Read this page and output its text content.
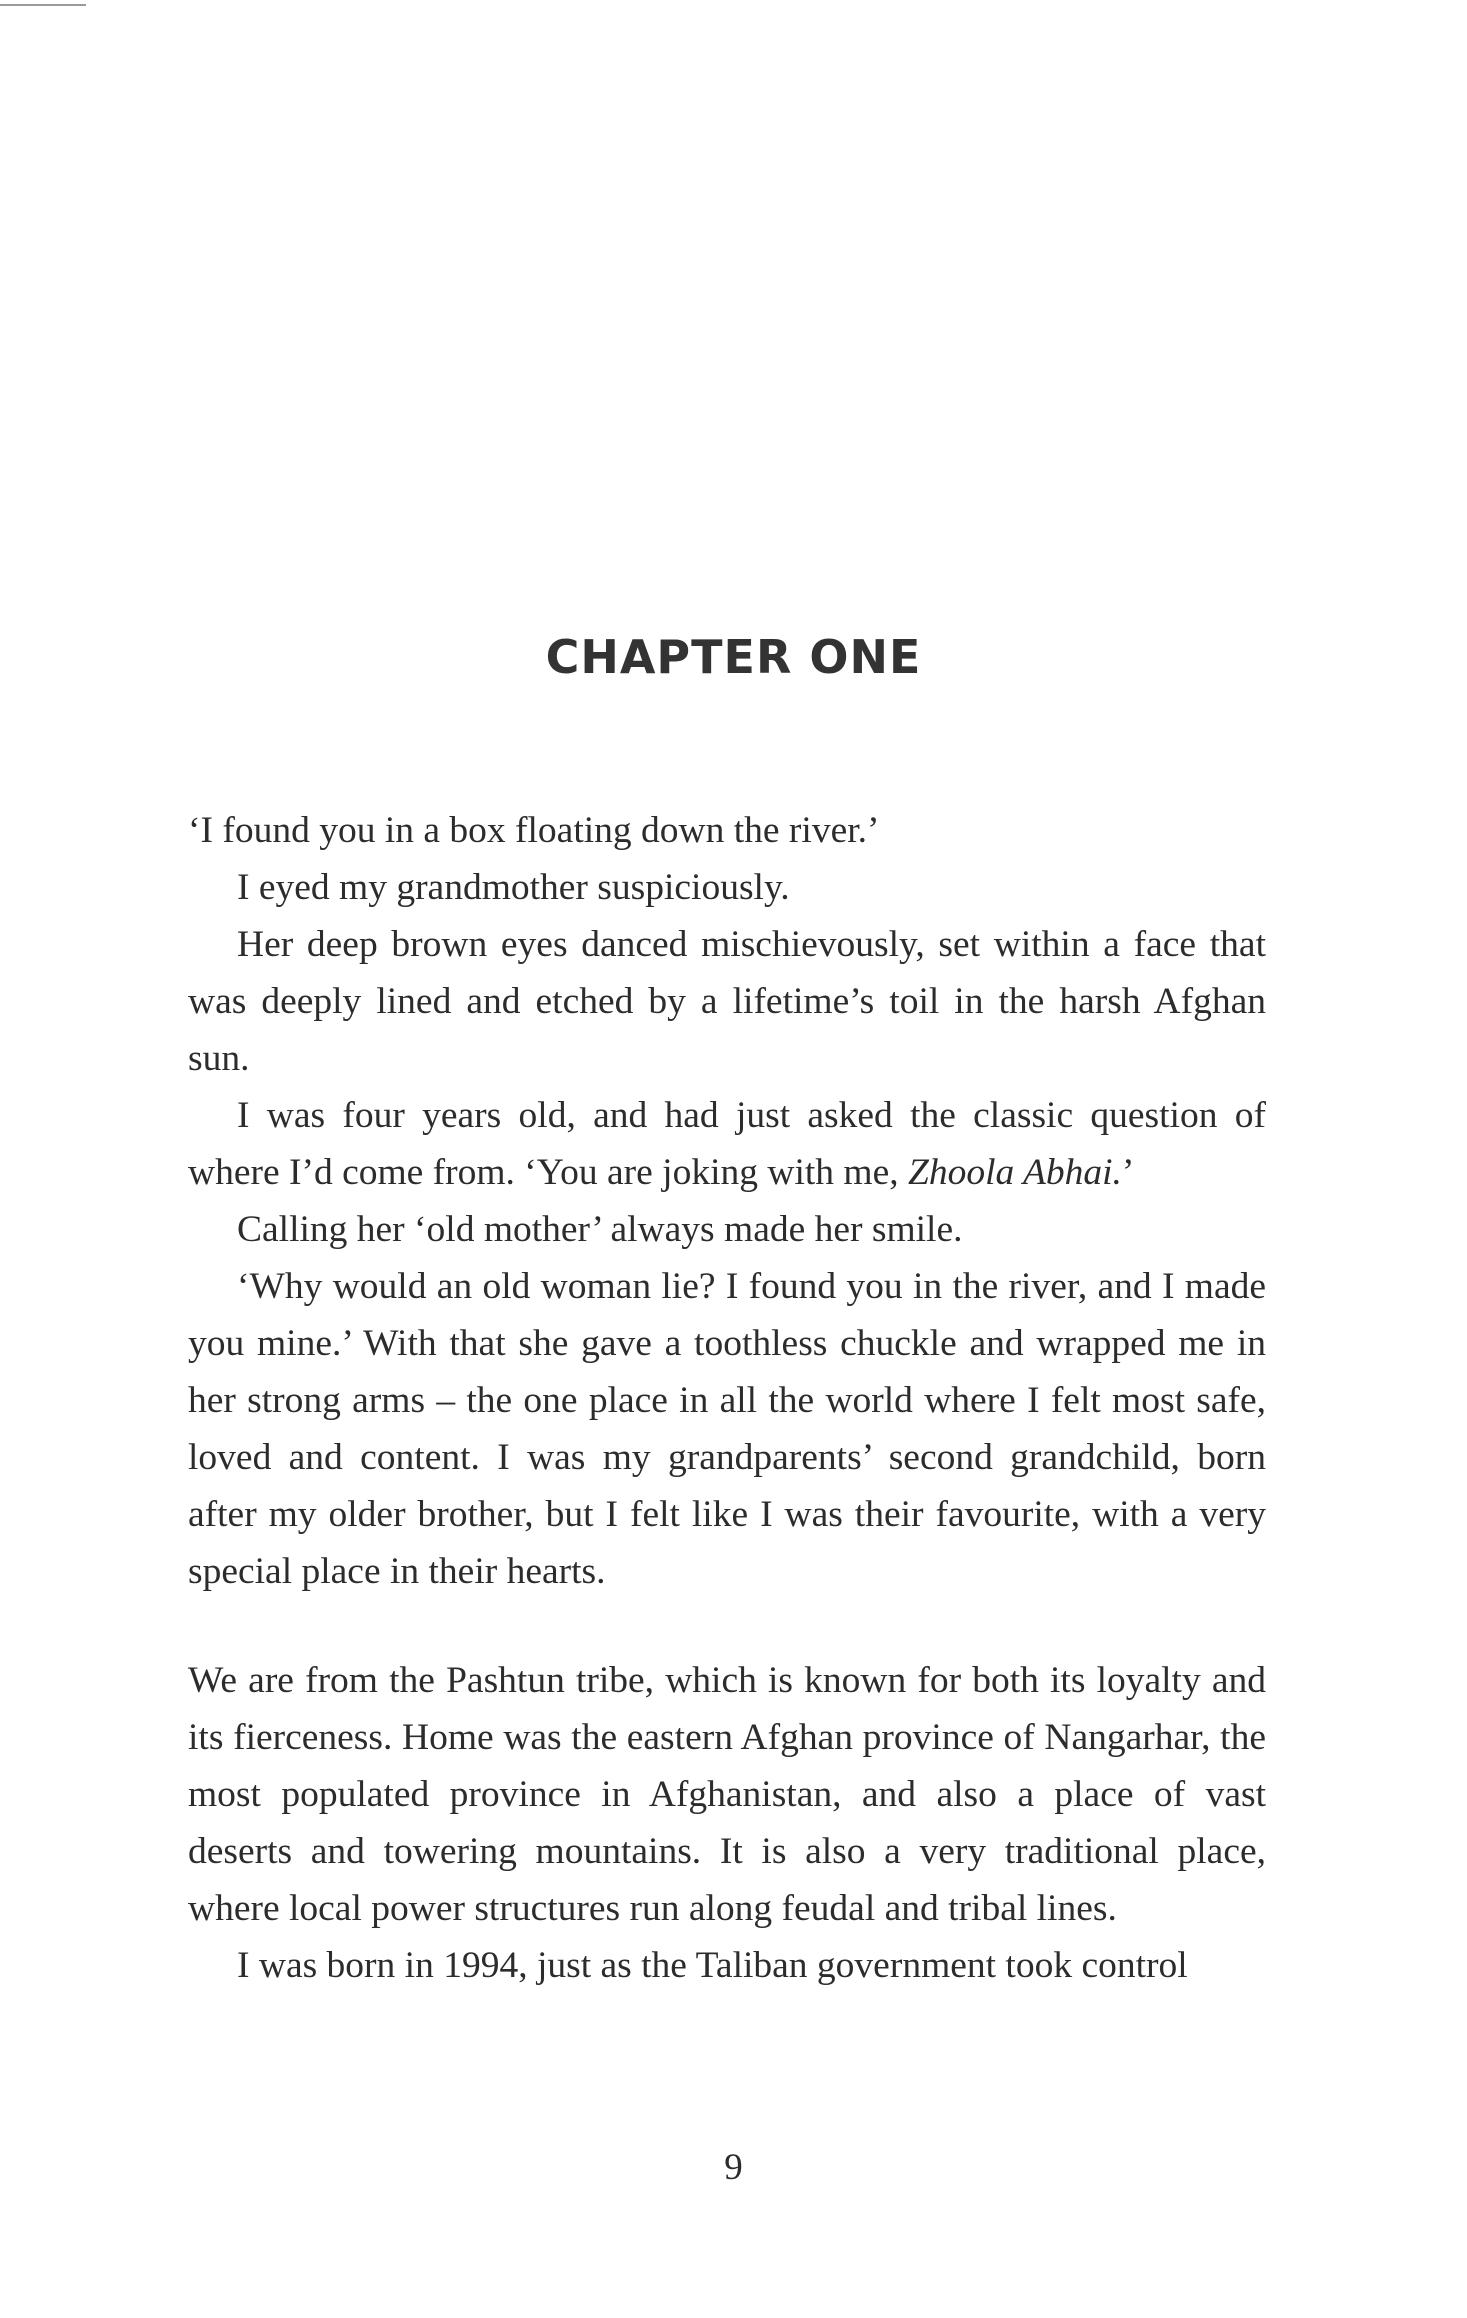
CHAPTER ONE

‘I found you in a box floating down the river.’

I eyed my grandmother suspiciously.

Her deep brown eyes danced mischievously, set within a face that was deeply lined and etched by a lifetime’s toil in the harsh Afghan sun.

I was four years old, and had just asked the classic question of where I’d come from. ‘You are joking with me, Zhoola Abhai.’

Calling her ‘old mother’ always made her smile.

‘Why would an old woman lie? I found you in the river, and I made you mine.’ With that she gave a toothless chuckle and wrapped me in her strong arms – the one place in all the world where I felt most safe, loved and content. I was my grandparents’ second grandchild, born after my older brother, but I felt like I was their favourite, with a very special place in their hearts.

We are from the Pashtun tribe, which is known for both its loyalty and its fierceness. Home was the eastern Afghan province of Nangarhar, the most populated province in Afghanistan, and also a place of vast deserts and towering mountains. It is also a very traditional place, where local power structures run along feudal and tribal lines.

I was born in 1994, just as the Taliban government took control

9
